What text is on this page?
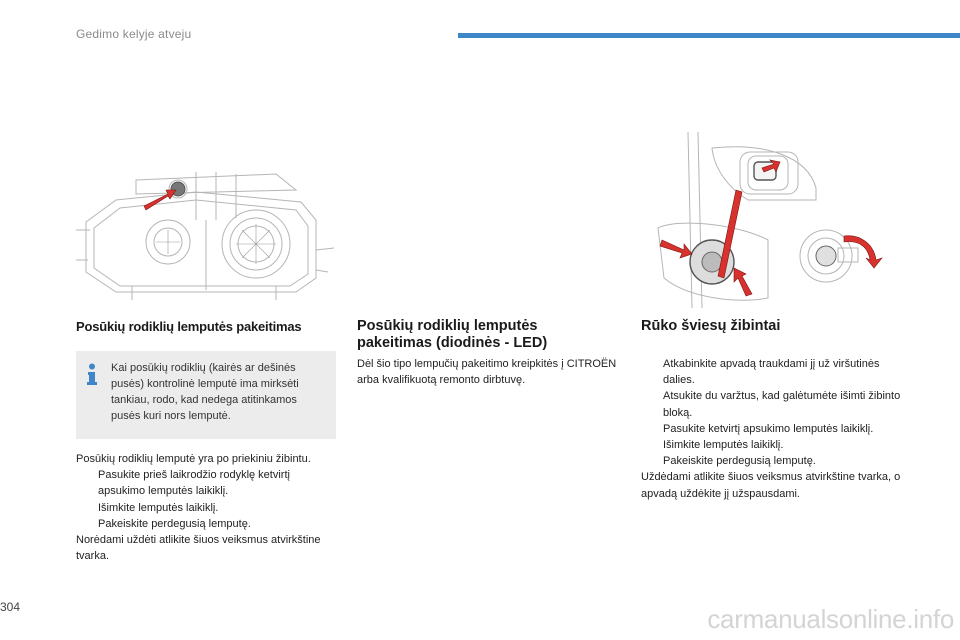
Gedimo kelyje atveju
Posūkių rodiklių lemputės pakeitimas
Kai posūkių rodiklių (kairės ar dešinės pusės) kontrolinė lemputė ima mirksėti tankiau, rodo, kad nedega atitinkamos pusės kuri nors lemputė.

Posūkių rodiklių lemputė yra po priekiniu žibintu.

Pasukite prieš laikrodžio rodyklę ketvirtį apsukimo lemputės laikiklį.
Išimkite lemputės laikiklį.
Pakeiskite perdegusią lemputę.

Norėdami uždėti atlikite šiuos veiksmus atvirkštine tvarka.

Posūkių rodiklių lemputės
pakeitimas (diodinės - LED)

Dėl šio tipo lempučių pakeitimo kreipkitės į CITROËN arba kvalifikuotą remonto dirbtuvę.

Rūko šviesų žibintai
Atkabinkite apvadą traukdami jį už viršutinės dalies.
Atsukite du varžtus, kad galėtumėte išimti žibinto bloką.
Pasukite ketvirtį apsukimo lemputės laikiklį.
Išimkite lemputės laikiklį.
Pakeiskite perdegusią lemputę.

Uždėdami atlikite šiuos veiksmus atvirkštine tvarka, o apvadą uždėkite jį užspausdami.

304	carmanualsonline.info
